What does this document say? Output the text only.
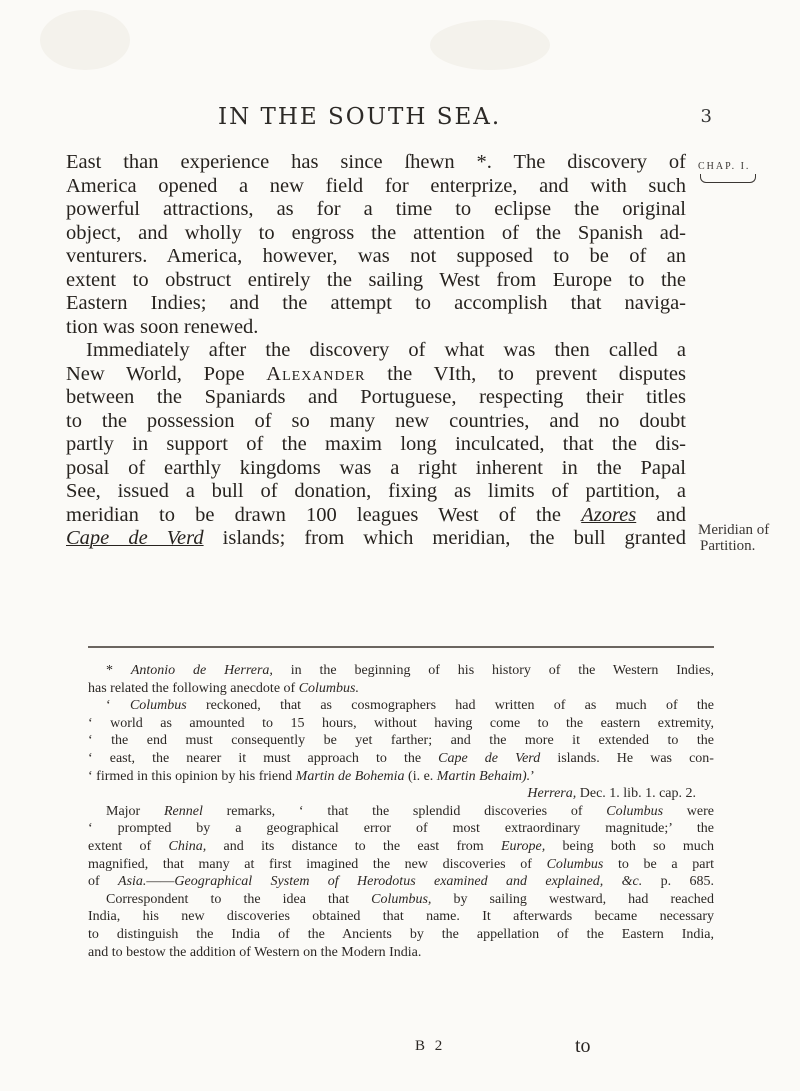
IN THE SOUTH SEA.	3
CHAP. I.
Meridian of
Partition.
East than experience has since ſhewn *. The discovery of
America opened a new field for enterprize, and with such
powerful attractions, as for a time to eclipse the original
object, and wholly to engross the attention of the Spanish ad-
venturers. America, however, was not supposed to be of an
extent to obstruct entirely the sailing West from Europe to the
Eastern Indies; and the attempt to accomplish that naviga-
tion was soon renewed.
Immediately after the discovery of what was then called a
New World, Pope Alexander the VIth, to prevent disputes
between the Spaniards and Portuguese, respecting their titles
to the possession of so many new countries, and no doubt
partly in support of the maxim long inculcated, that the dis-
posal of earthly kingdoms was a right inherent in the Papal
See, issued a bull of donation, fixing as limits of partition, a
meridian to be drawn 100 leagues West of the Azores and
Cape de Verd islands; from which meridian, the bull granted
* Antonio de Herrera, in the beginning of his history of the Western Indies,
has related the following anecdote of Columbus.
‘ Columbus reckoned, that as cosmographers had written of as much of the
‘ world as amounted to 15 hours, without having come to the eastern extremity,
‘ the end must consequently be yet farther; and the more it extended to the
‘ east, the nearer it must approach to the Cape de Verd islands. He was con-
‘ firmed in this opinion by his friend Martin de Bohemia (i. e. Martin Behaim).’
Herrera, Dec. 1. lib. 1. cap. 2.
Major Rennel remarks, ‘ that the splendid discoveries of Columbus were
‘ prompted by a geographical error of most extraordinary magnitude;’ the
extent of China, and its distance to the east from Europe, being both so much
magnified, that many at first imagined the new discoveries of Columbus to be a part
of Asia.——Geographical System of Herodotus examined and explained, &c. p. 685.
Correspondent to the idea that Columbus, by sailing westward, had reached
India, his new discoveries obtained that name. It afterwards became necessary
to distinguish the India of the Ancients by the appellation of the Eastern India,
and to bestow the addition of Western on the Modern India.
B 2	to
